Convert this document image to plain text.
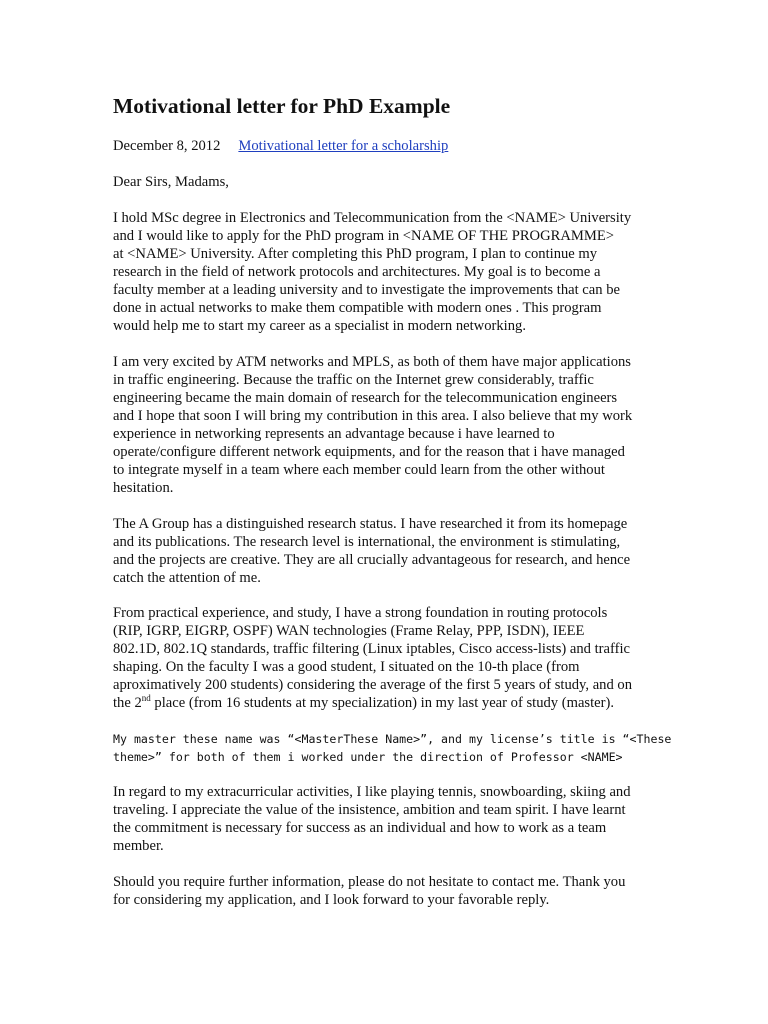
Motivational letter for PhD Example
December 8, 2012 Motivational letter for a scholarship
Dear Sirs, Madams,
I hold MSc degree in Electronics and Telecommunication from the <NAME> University
and I would like to apply for the PhD program in <NAME OF THE PROGRAMME>
at <NAME> University. After completing this PhD program, I plan to continue my
research in the field of network protocols and architectures. My goal is to become a
faculty member at a leading university and to investigate the improvements that can be
done in actual networks to make them compatible with modern ones . This program
would help me to start my career as a specialist in modern networking.
I am very excited by ATM networks and MPLS, as both of them have major applications
in traffic engineering. Because the traffic on the Internet grew considerably, traffic
engineering became the main domain of research for the telecommunication engineers
and I hope that soon I will bring my contribution in this area. I also believe that my work
experience in networking represents an advantage because i have learned to
operate/configure different network equipments, and for the reason that i have managed
to integrate myself in a team where each member could learn from the other without
hesitation.
The A Group has a distinguished research status. I have researched it from its homepage
and its publications. The research level is international, the environment is stimulating,
and the projects are creative. They are all crucially advantageous for research, and hence
catch the attention of me.
From practical experience, and study, I have a strong foundation in routing protocols
(RIP, IGRP, EIGRP, OSPF) WAN technologies (Frame Relay, PPP, ISDN), IEEE
802.1D, 802.1Q standards, traffic filtering (Linux iptables, Cisco access-lists) and traffic
shaping. On the faculty I was a good student, I situated on the 10-th place (from
aproximatively 200 students) considering the average of the first 5 years of study, and on
the 2nd place (from 16 students at my specialization) in my last year of study (master).
My master these name was “<MasterThese Name>”, and my license’s title is “<These
theme>” for both of them i worked under the direction of Professor <NAME>
In regard to my extracurricular activities, I like playing tennis, snowboarding, skiing and
traveling. I appreciate the value of the insistence, ambition and team spirit. I have learnt
the commitment is necessary for success as an individual and how to work as a team
member.
Should you require further information, please do not hesitate to contact me. Thank you
for considering my application, and I look forward to your favorable reply.
